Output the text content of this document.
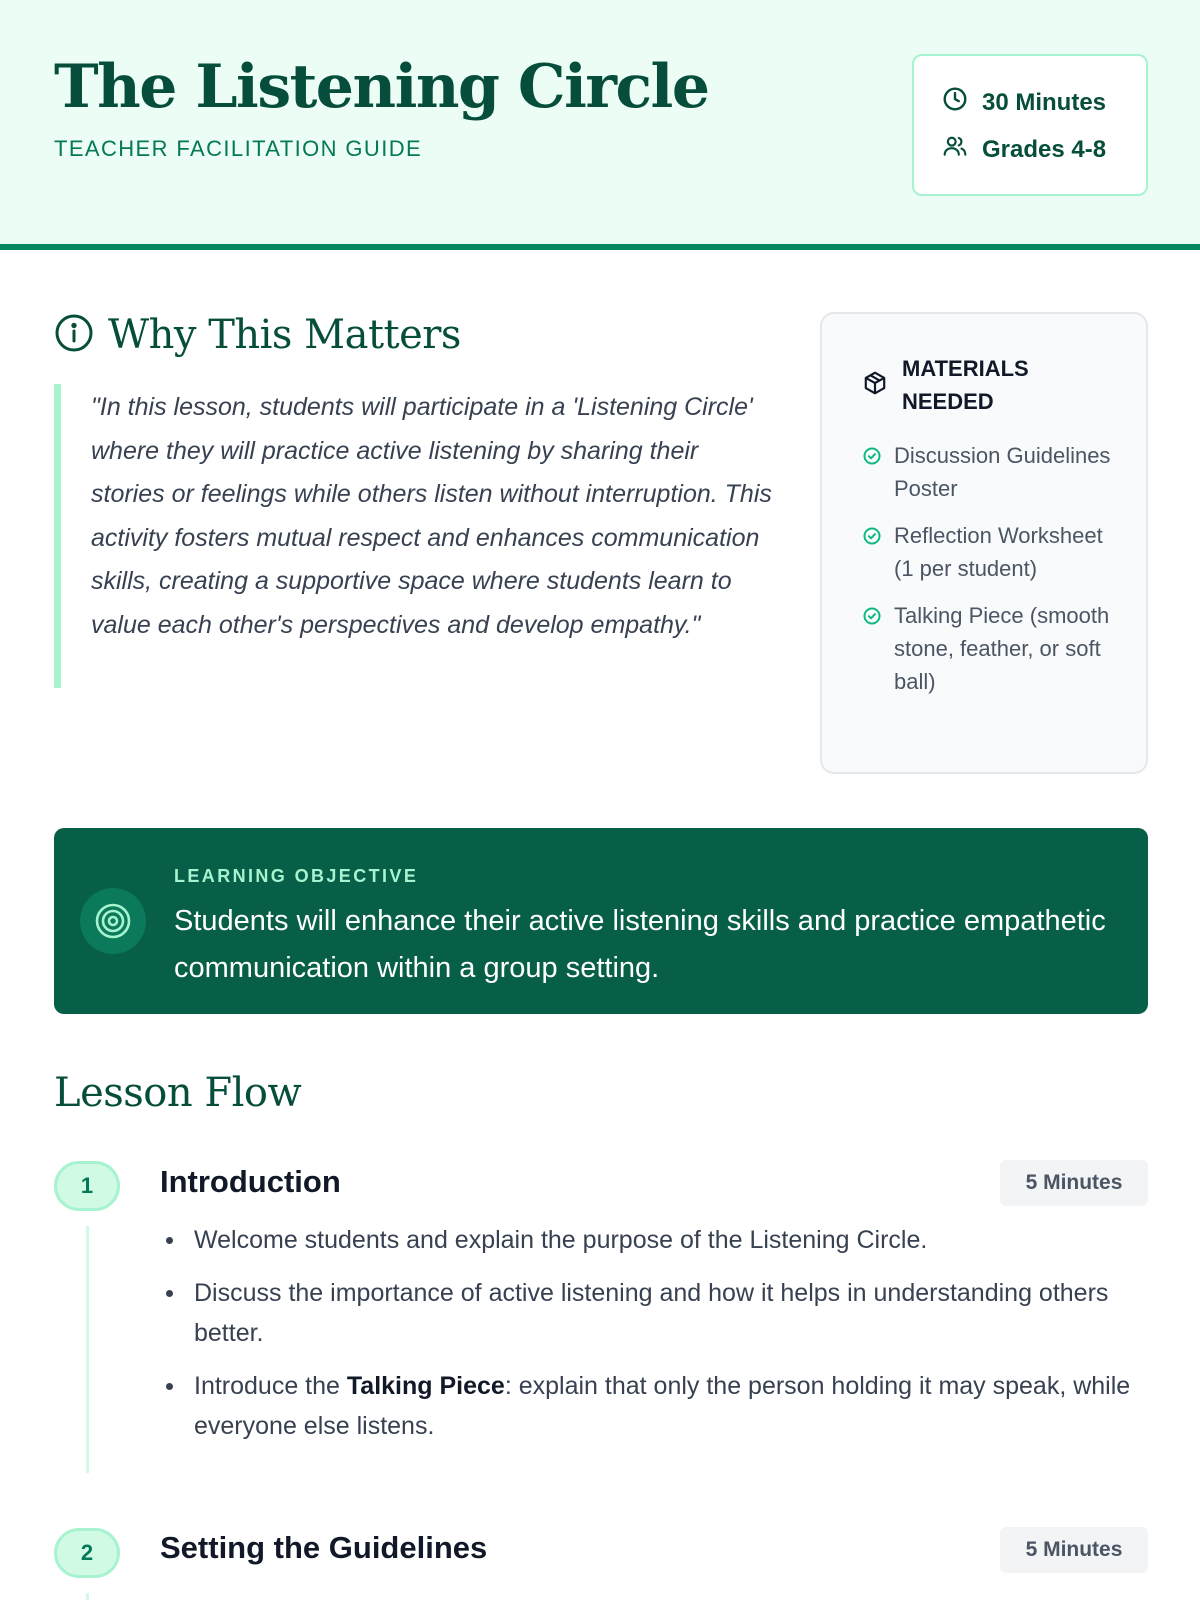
The Listening Circle
TEACHER FACILITATION GUIDE
30 Minutes
Grades 4-8
Why This Matters
"In this lesson, students will participate in a 'Listening Circle' where they will practice active listening by sharing their stories or feelings while others listen without interruption. This activity fosters mutual respect and enhances communication skills, creating a supportive space where students learn to value each other's perspectives and develop empathy."
MATERIALS NEEDED
Discussion Guidelines Poster
Reflection Worksheet (1 per student)
Talking Piece (smooth stone, feather, or soft ball)
LEARNING OBJECTIVE
Students will enhance their active listening skills and practice empathetic communication within a group setting.
Lesson Flow
1	Introduction	5 Minutes
Welcome students and explain the purpose of the Listening Circle.
Discuss the importance of active listening and how it helps in understanding others better.
Introduce the Talking Piece: explain that only the person holding it may speak, while everyone else listens.
2	Setting the Guidelines	5 Minutes
